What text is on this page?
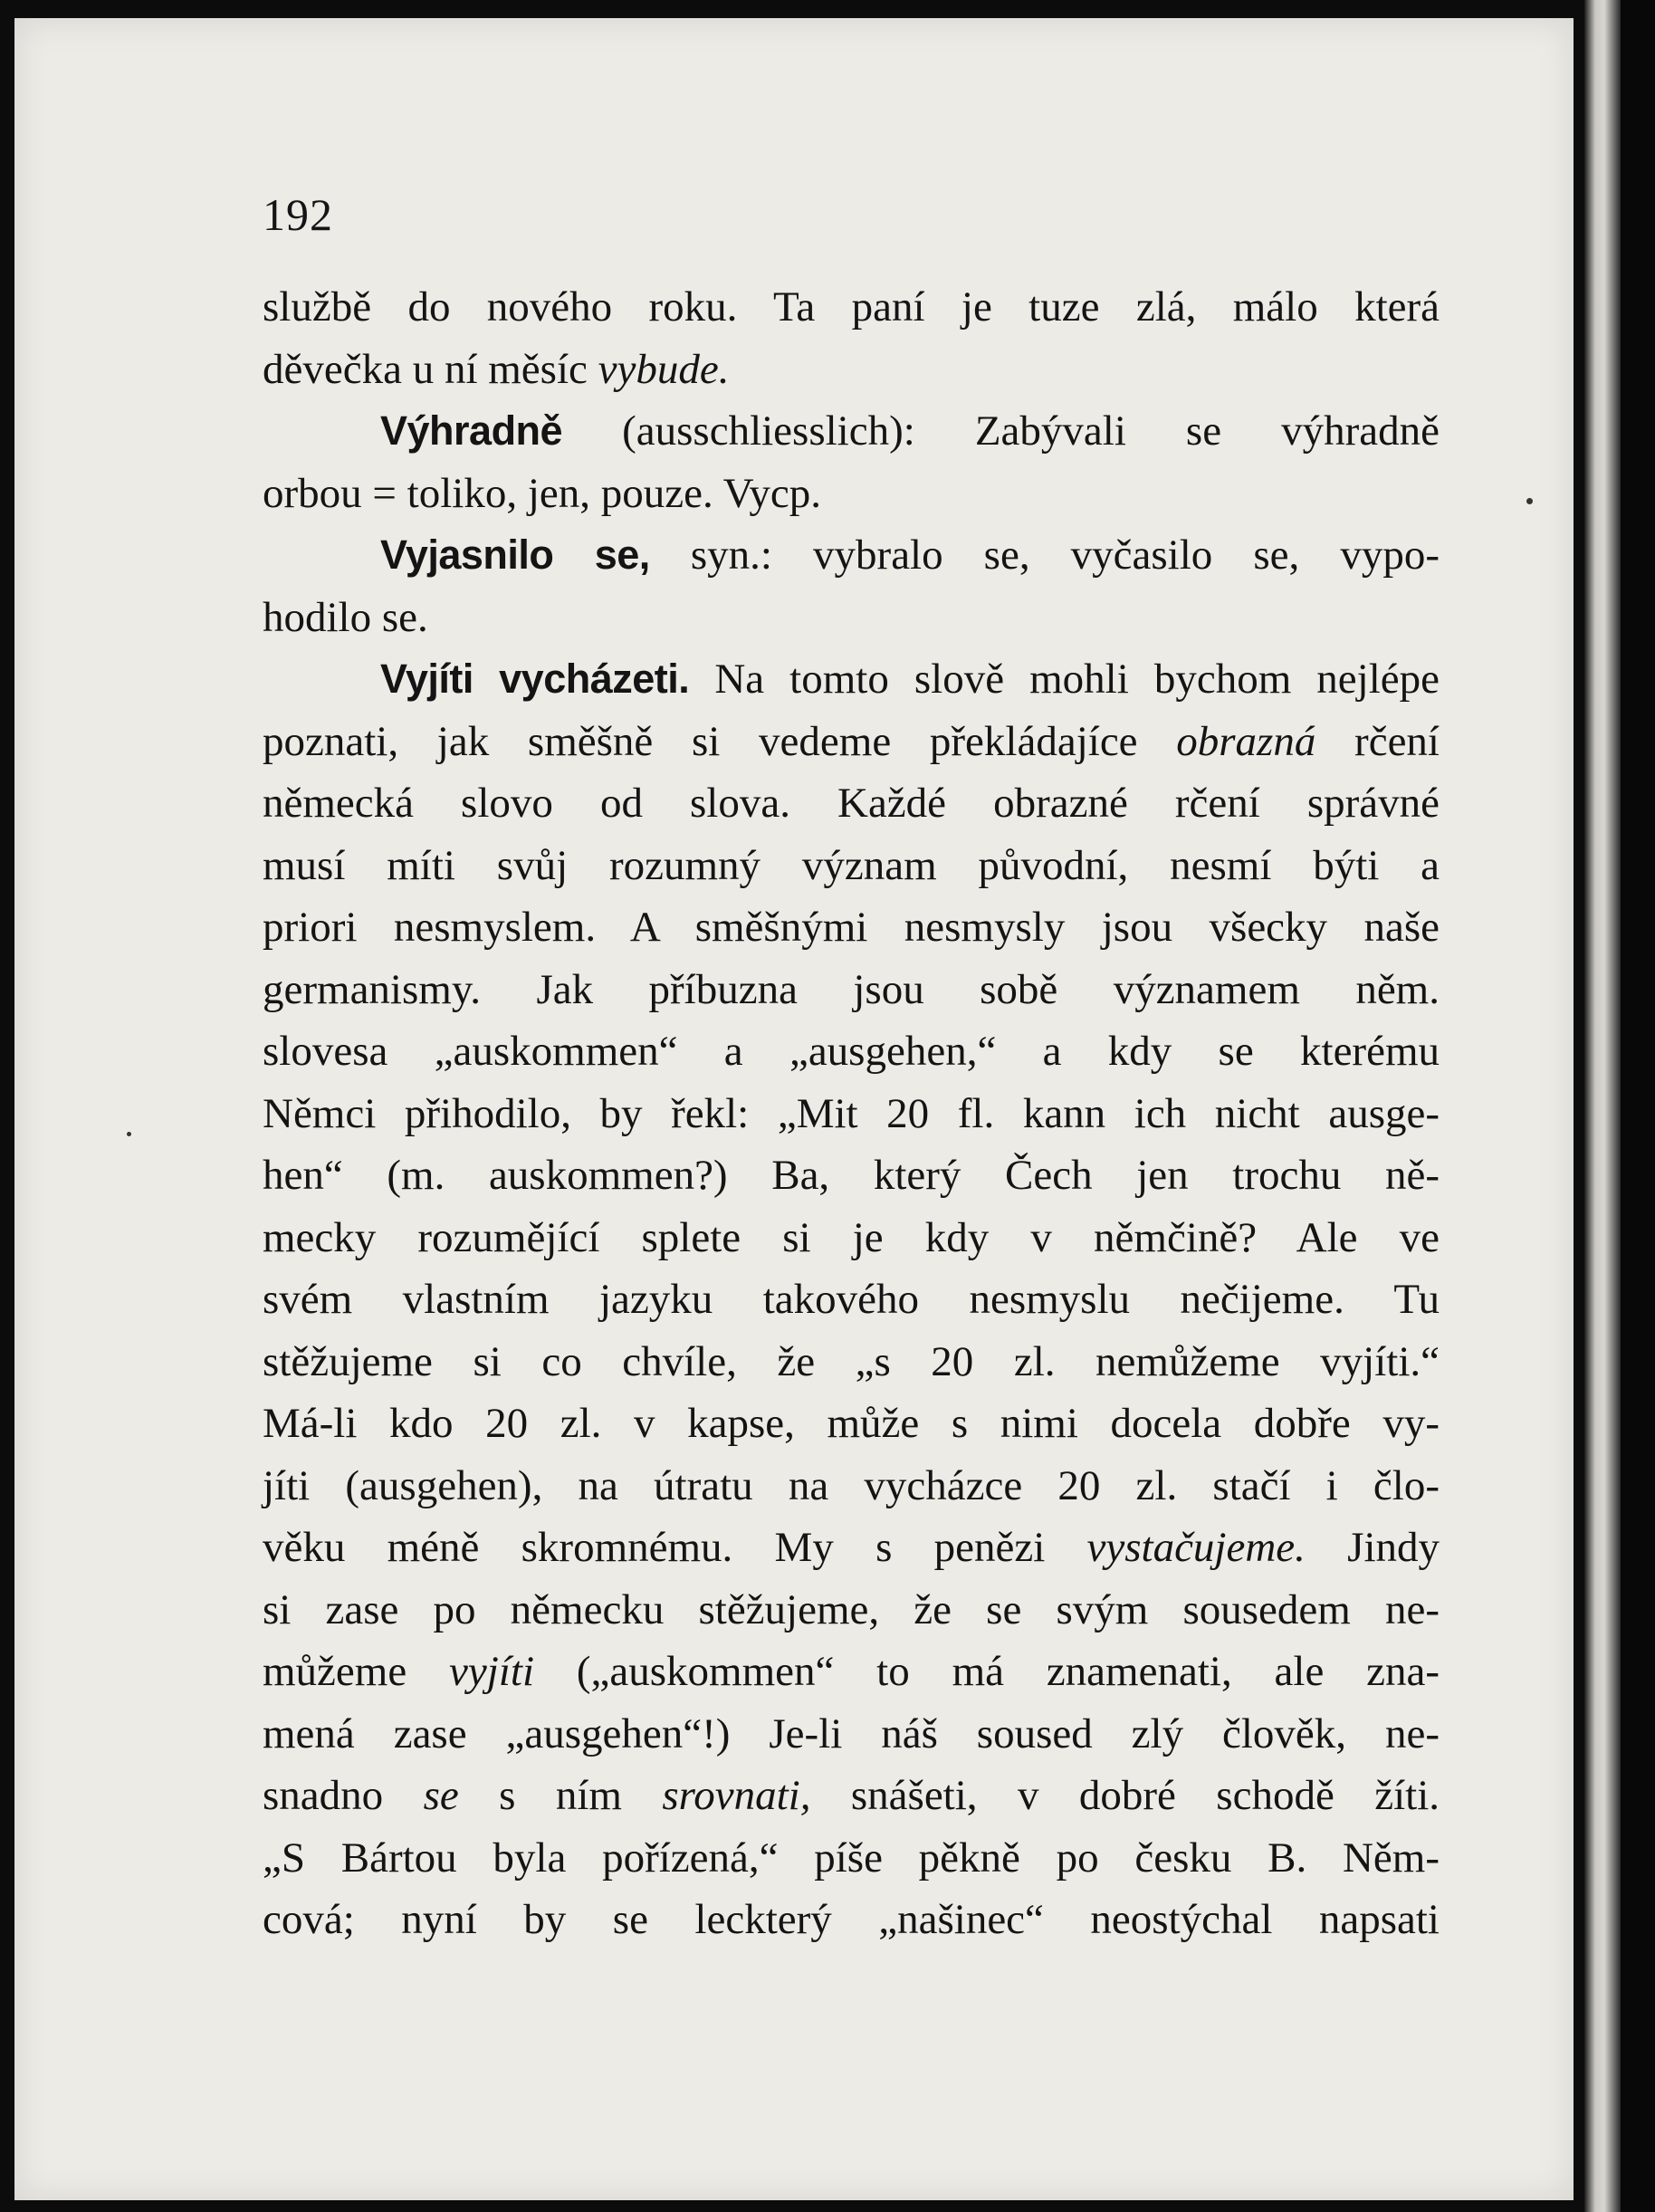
192
službě do nového roku. Ta paní je tuze zlá, málo která
děvečka u ní měsíc vybude.
Výhradně (ausschliesslich): Zabývali se výhradně
orbou = toliko, jen, pouze. Vycp.
Vyjasnilo se, syn.: vybralo se, vyčasilo se, vypo-
hodilo se.
Vyjíti vycházeti. Na tomto slově mohli bychom nejlépe
poznati, jak směšně si vedeme překládajíce obrazná rčení
německá slovo od slova. Každé obrazné rčení správné
musí míti svůj rozumný význam původní, nesmí býti a
priori nesmyslem. A směšnými nesmysly jsou všecky naše
germanismy. Jak příbuzna jsou sobě významem něm.
slovesa „auskommen“ a „ausgehen,“ a kdy se kterému
Němci přihodilo, by řekl: „Mit 20 fl. kann ich nicht ausge-
hen“ (m. auskommen?) Ba, který Čech jen trochu ně-
mecky rozumějící splete si je kdy v němčině? Ale ve
svém vlastním jazyku takového nesmyslu nečijeme. Tu
stěžujeme si co chvíle, že „s 20 zl. nemůžeme vyjíti.“
Má-li kdo 20 zl. v kapse, může s nimi docela dobře vy-
jíti (ausgehen), na útratu na vycházce 20 zl. stačí i člo-
věku méně skromnému. My s penězi vystačujeme. Jindy
si zase po německu stěžujeme, že se svým sousedem ne-
můžeme vyjíti („auskommen“ to má znamenati, ale zna-
mená zase „ausgehen“!) Je-li náš soused zlý člověk, ne-
snadno se s ním srovnati, snášeti, v dobré schodě žíti.
„S Bártou byla pořízená,“ píše pěkně po česku B. Něm-
cová; nyní by se leckterý „našinec“ neostýchal napsati
